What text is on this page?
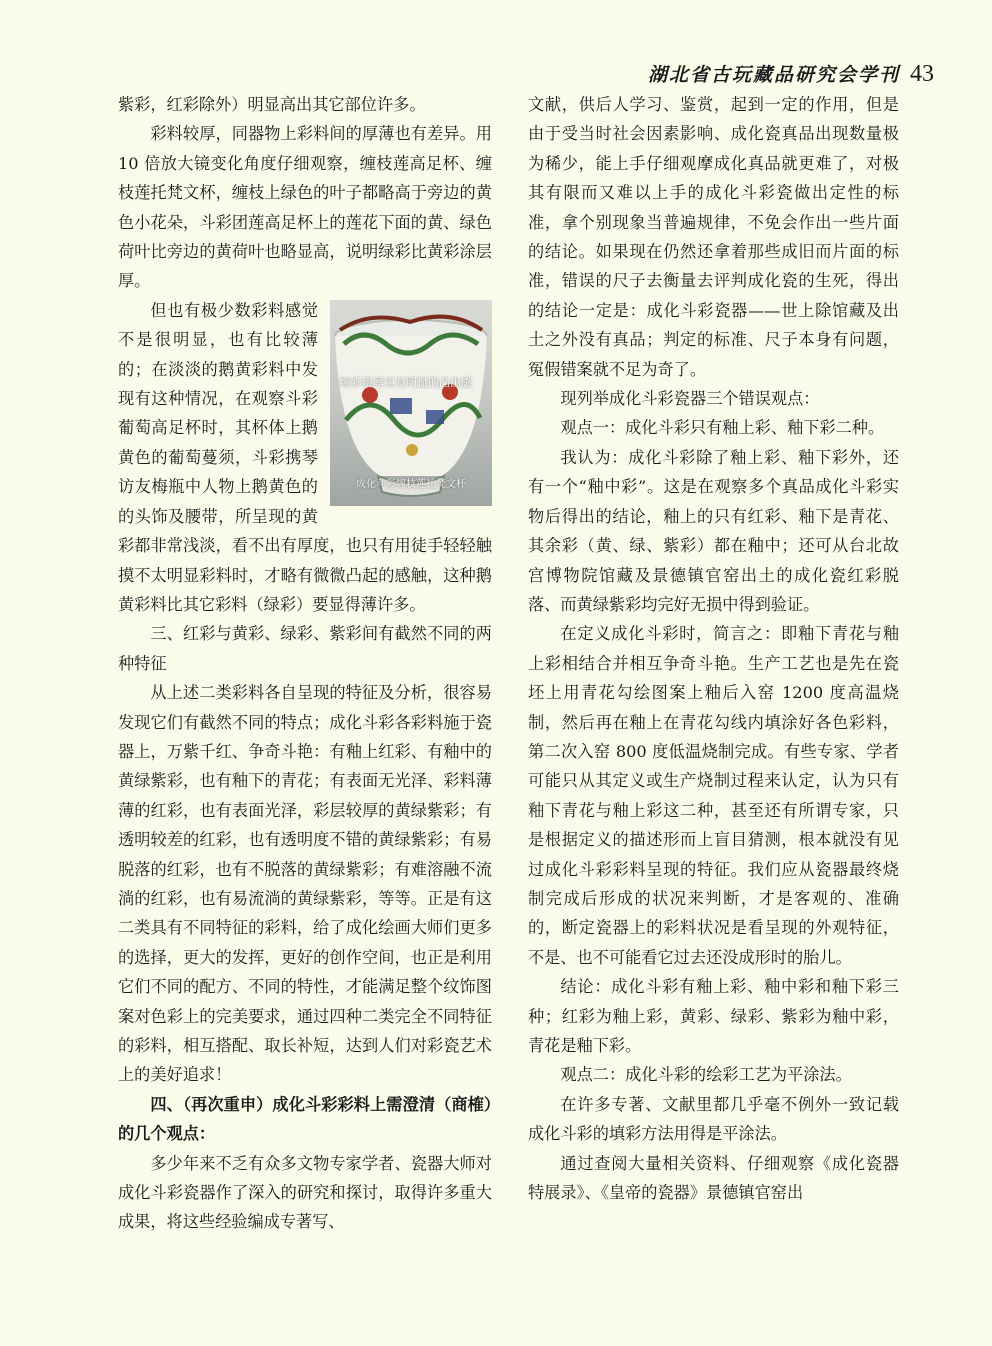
湖北省古玩藏品研究会学刊 43

紫彩，红彩除外）明显高出其它部位许多。

彩料较厚，同器物上彩料间的厚薄也有差异。用 10 倍放大镜变化角度仔细观察，缠枝莲高足杯、缠枝莲托梵文杯，缠枝上绿色的叶子都略高于旁边的黄色小花朵，斗彩团莲高足杯上的莲花下面的黄、绿色荷叶比旁边的黄荷叶也略显高，说明绿彩比黄彩涂层厚。

绿彩很厚实有明显的凸出感
成化斗彩缠枝莲托梵文杯

但也有极少数彩料感觉不是很明显，也有比较薄的；在淡淡的鹅黄彩料中发现有这种情况，在观察斗彩葡萄高足杯时，其杯体上鹅黄色的葡萄蔓须，斗彩携琴访友梅瓶中人物上鹅黄色的的头饰及腰带，所呈现的黄彩都非常浅淡，看不出有厚度，也只有用徒手轻轻触摸不太明显彩料时，才略有微微凸起的感触，这种鹅黄彩料比其它彩料（绿彩）要显得薄许多。

三、红彩与黄彩、绿彩、紫彩间有截然不同的两种特征

从上述二类彩料各自呈现的特征及分析，很容易发现它们有截然不同的特点；成化斗彩各彩料施于瓷器上，万紫千红、争奇斗艳：有釉上红彩、有釉中的黄绿紫彩，也有釉下的青花；有表面无光泽、彩料薄薄的红彩，也有表面光泽，彩层较厚的黄绿紫彩；有透明较差的红彩，也有透明度不错的黄绿紫彩；有易脱落的红彩，也有不脱落的黄绿紫彩；有难溶融不流淌的红彩，也有易流淌的黄绿紫彩，等等。正是有这二类具有不同特征的彩料，给了成化绘画大师们更多的选择，更大的发挥，更好的创作空间，也正是利用它们不同的配方、不同的特性，才能满足整个纹饰图案对色彩上的完美要求，通过四种二类完全不同特征的彩料，相互搭配、取长补短，达到人们对彩瓷艺术上的美好追求！

四、（再次重申）成化斗彩彩料上需澄清（商榷）的几个观点：

多少年来不乏有众多文物专家学者、瓷器大师对成化斗彩瓷器作了深入的研究和探讨，取得许多重大成果，将这些经验编成专著写、

文献，供后人学习、鉴赏，起到一定的作用，但是由于受当时社会因素影响、成化瓷真品出现数量极为稀少，能上手仔细观摩成化真品就更难了，对极其有限而又难以上手的成化斗彩瓷做出定性的标准，拿个别现象当普遍规律，不免会作出一些片面的结论。如果现在仍然还拿着那些成旧而片面的标准，错误的尺子去衡量去评判成化瓷的生死，得出的结论一定是：成化斗彩瓷器——世上除馆藏及出土之外没有真品；判定的标准、尺子本身有问题，冤假错案就不足为奇了。

现列举成化斗彩瓷器三个错误观点：

观点一：成化斗彩只有釉上彩、釉下彩二种。

我认为：成化斗彩除了釉上彩、釉下彩外，还有一个“釉中彩”。这是在观察多个真品成化斗彩实物后得出的结论，釉上的只有红彩、釉下是青花、其余彩（黄、绿、紫彩）都在釉中；还可从台北故宫博物院馆藏及景德镇官窑出土的成化瓷红彩脱落、而黄绿紫彩均完好无损中得到验证。

在定义成化斗彩时，简言之：即釉下青花与釉上彩相结合并相互争奇斗艳。生产工艺也是先在瓷坯上用青花勾绘图案上釉后入窑 1200 度高温烧制，然后再在釉上在青花勾线内填涂好各色彩料，第二次入窑 800 度低温烧制完成。有些专家、学者可能只从其定义或生产烧制过程来认定，认为只有釉下青花与釉上彩这二种，甚至还有所谓专家，只是根据定义的描述形而上盲目猜测，根本就没有见过成化斗彩彩料呈现的特征。我们应从瓷器最终烧制完成后形成的状况来判断，才是客观的、准确的，断定瓷器上的彩料状况是看呈现的外观特征，不是、也不可能看它过去还没成形时的胎儿。

结论：成化斗彩有釉上彩、釉中彩和釉下彩三种；红彩为釉上彩，黄彩、绿彩、紫彩为釉中彩，青花是釉下彩。

观点二：成化斗彩的绘彩工艺为平涂法。

在许多专著、文献里都几乎毫不例外一致记载成化斗彩的填彩方法用得是平涂法。

通过查阅大量相关资料、仔细观察《成化瓷器特展录》、《皇帝的瓷器》景德镇官窑出
